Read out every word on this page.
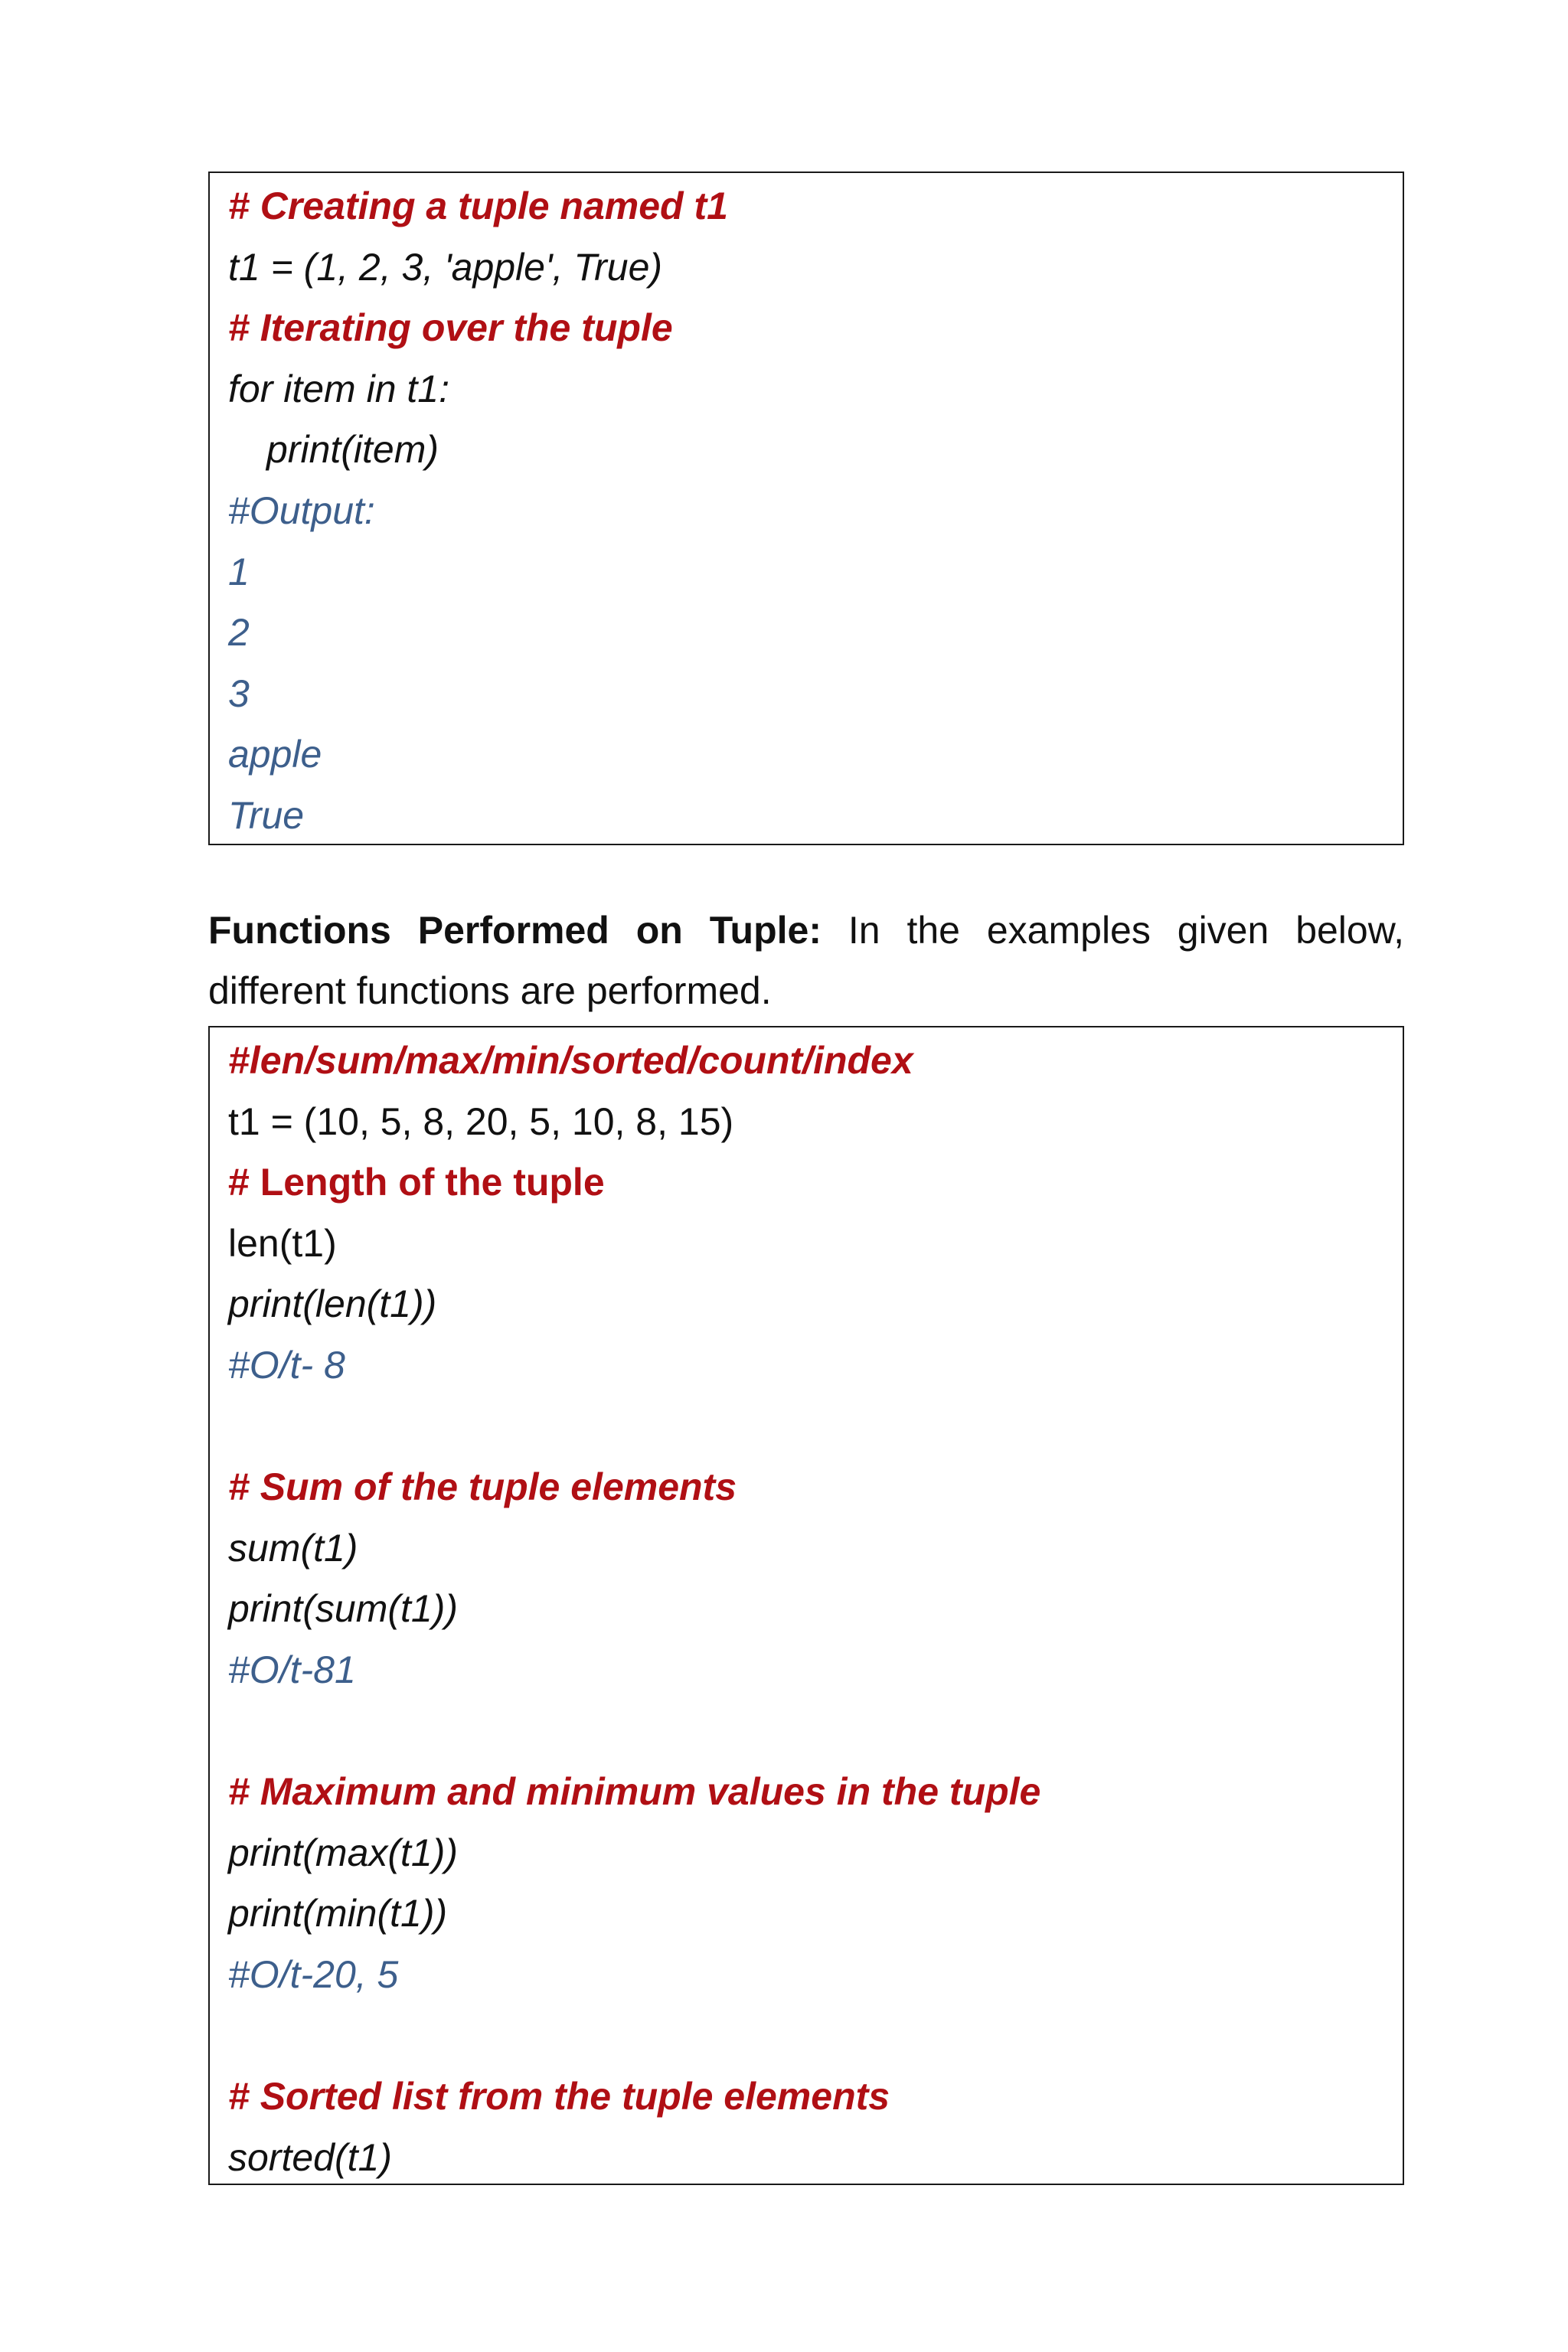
# Creating a tuple named t1
t1 = (1, 2, 3, 'apple', True)
# Iterating over the tuple
for item in t1:
print(item)
#Output:
1
2
3
apple
True
Functions Performed on Tuple: In the examples given below,
different functions are performed.
#len/sum/max/min/sorted/count/index
t1 = (10, 5, 8, 20, 5, 10, 8, 15)
# Length of the tuple
len(t1)
print(len(t1))
#O/t- 8
# Sum of the tuple elements
sum(t1)
print(sum(t1))
#O/t-81
# Maximum and minimum values in the tuple
print(max(t1))
print(min(t1))
#O/t-20, 5
# Sorted list from the tuple elements
sorted(t1)
